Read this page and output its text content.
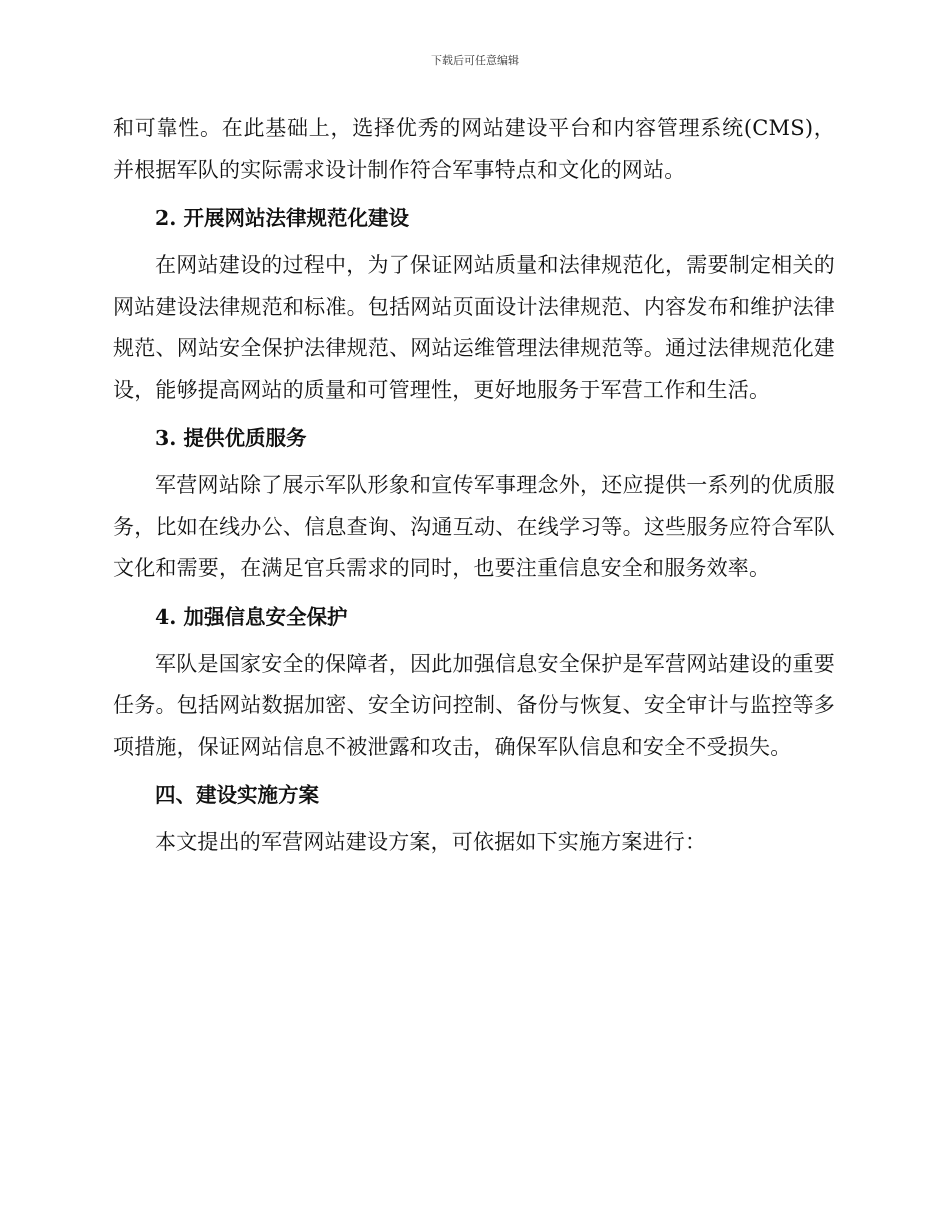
下载后可任意编辑

和可靠性。在此基础上，选择优秀的网站建设平台和内容管理系统(CMS)，并根据军队的实际需求设计制作符合军事特点和文化的网站。

2. 开展网站法律规范化建设

在网站建设的过程中，为了保证网站质量和法律规范化，需要制定相关的网站建设法律规范和标准。包括网站页面设计法律规范、内容发布和维护法律规范、网站安全保护法律规范、网站运维管理法律规范等。通过法律规范化建设，能够提高网站的质量和可管理性，更好地服务于军营工作和生活。

3. 提供优质服务

军营网站除了展示军队形象和宣传军事理念外，还应提供一系列的优质服务，比如在线办公、信息查询、沟通互动、在线学习等。这些服务应符合军队文化和需要，在满足官兵需求的同时，也要注重信息安全和服务效率。

4. 加强信息安全保护

军队是国家安全的保障者，因此加强信息安全保护是军营网站建设的重要任务。包括网站数据加密、安全访问控制、备份与恢复、安全审计与监控等多项措施，保证网站信息不被泄露和攻击，确保军队信息和安全不受损失。

四、建设实施方案

本文提出的军营网站建设方案，可依据如下实施方案进行：
